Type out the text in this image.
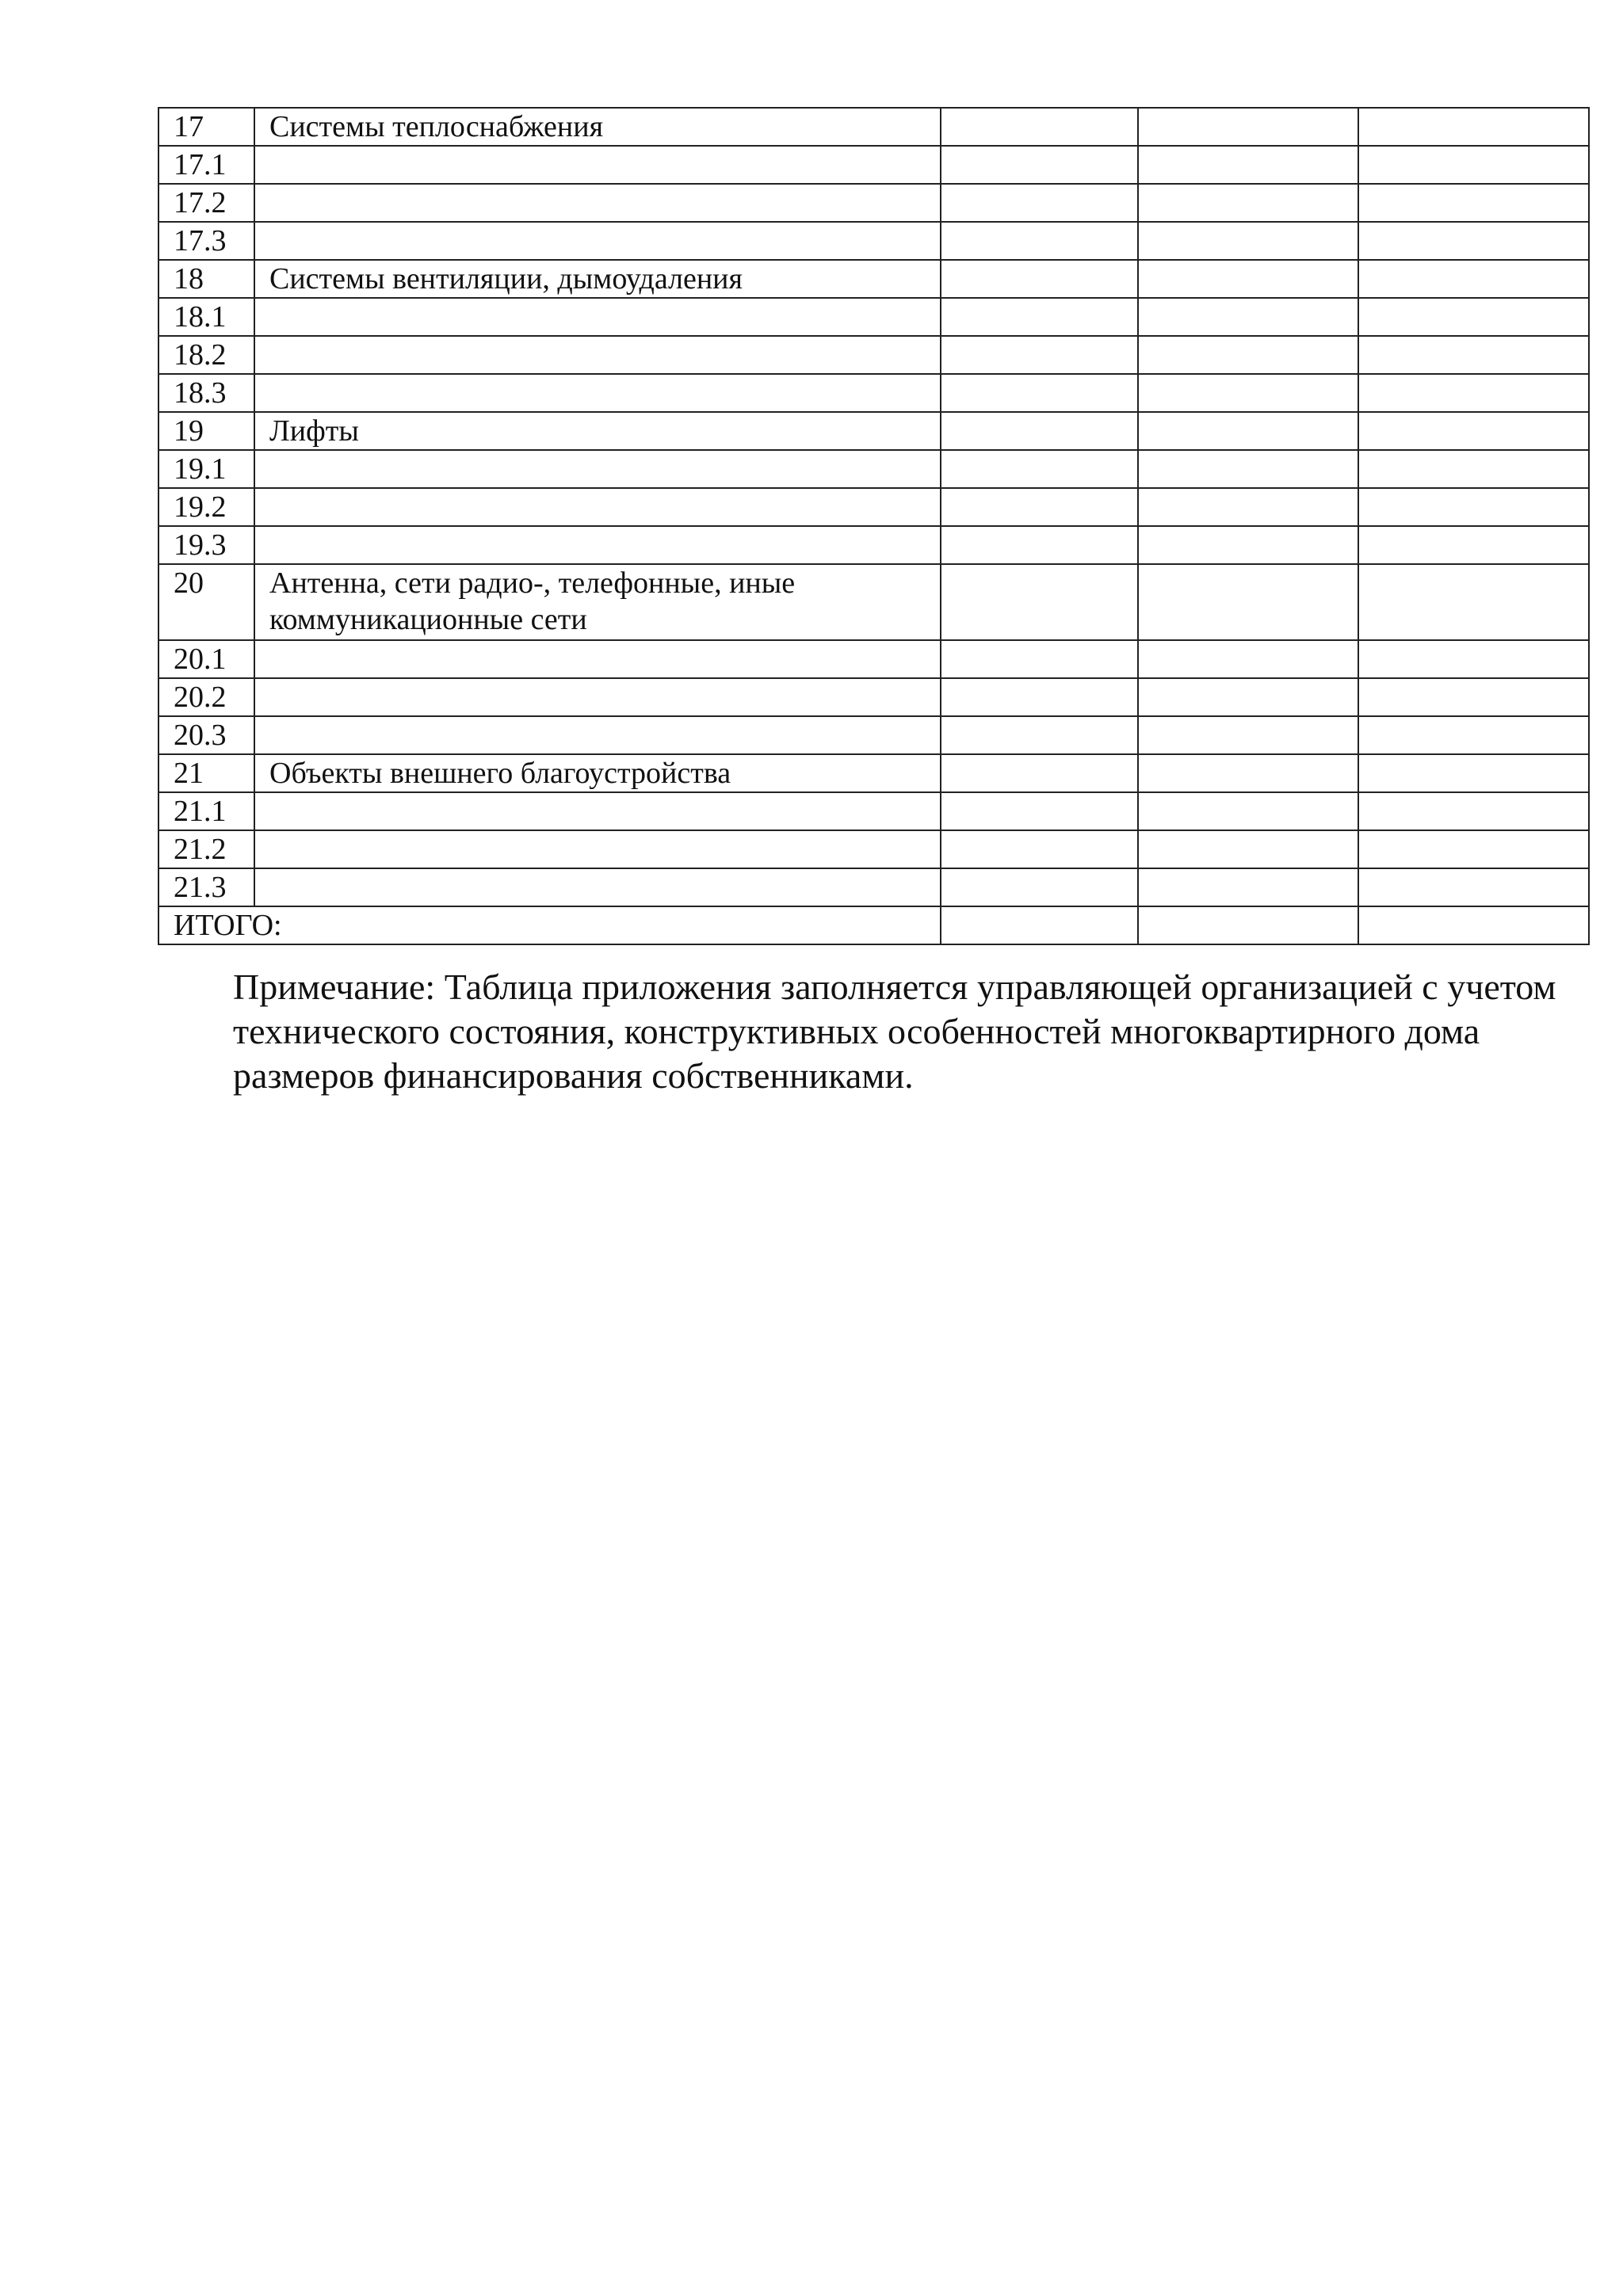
17	Системы теплоснабжения			
17.1				
17.2				
17.3				
18	Системы вентиляции, дымоудаления			
18.1				
18.2				
18.3				
19	Лифты			
19.1				
19.2				
19.3				
20	Антенна, сети радио-, телефонные, иные коммуникационные сети			
20.1				
20.2				
20.3				
21	Объекты внешнего благоустройства			
21.1				
21.2				
21.3				
ИТОГО:				

Примечание: Таблица приложения заполняется управляющей организацией с учетом технического состояния, конструктивных особенностей многоквартирного дома размеров финансирования собственниками.
